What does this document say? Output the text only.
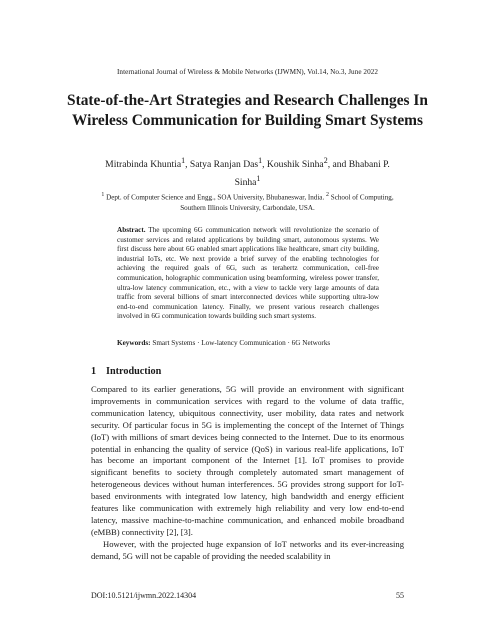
International Journal of Wireless & Mobile Networks (IJWMN), Vol.14, No.3, June 2022
State-of-the-Art Strategies and Research Challenges In Wireless Communication for Building Smart Systems
Mitrabinda Khuntia$^1$, Satya Ranjan Das$^1$, Koushik Sinha$^2$, and Bhabani P. Sinha$^1$
$^1$ Dept. of Computer Science and Engg., SOA University, Bhubaneswar, India. $^2$ School of Computing, Southern Illinois University, Carbondale, USA.
Abstract. The upcoming 6G communication network will revolutionize the scenario of customer services and related applications by building smart, autonomous systems. We first discuss here about 6G enabled smart applications like healthcare, smart city building, industrial IoTs, etc. We next provide a brief survey of the enabling technologies for achieving the required goals of 6G, such as terahertz communication, cell-free communication, holographic communication using beamforming, wireless power transfer, ultra-low latency communication, etc., with a view to tackle very large amounts of data traffic from several billions of smart interconnected devices while supporting ultra-low end-to-end communication latency. Finally, we present various research challenges involved in 6G communication towards building such smart systems.
Keywords: Smart Systems · Low-latency Communication · 6G Networks
1 Introduction

Compared to its earlier generations, 5G will provide an environment with significant improvements in communication services with regard to the volume of data traffic, communication latency, ubiquitous connectivity, user mobility, data rates and network security. Of particular focus in 5G is implementing the concept of the Internet of Things (IoT) with millions of smart devices being connected to the Internet. Due to its enormous potential in enhancing the quality of service (QoS) in various real-life applications, IoT has become an important component of the Internet [1]. IoT promises to provide significant benefits to society through completely automated smart management of heterogeneous devices without human interferences. 5G provides strong support for IoT-based environments with integrated low latency, high bandwidth and energy efficient features like communication with extremely high reliability and very low end-to-end latency, massive machine-to-machine communication, and enhanced mobile broadband (eMBB) connectivity [2], [3].

However, with the projected huge expansion of IoT networks and its ever-increasing demand, 5G will not be capable of providing the needed scalability in

DOI:10.5121/ijwmn.2022.14304	55
